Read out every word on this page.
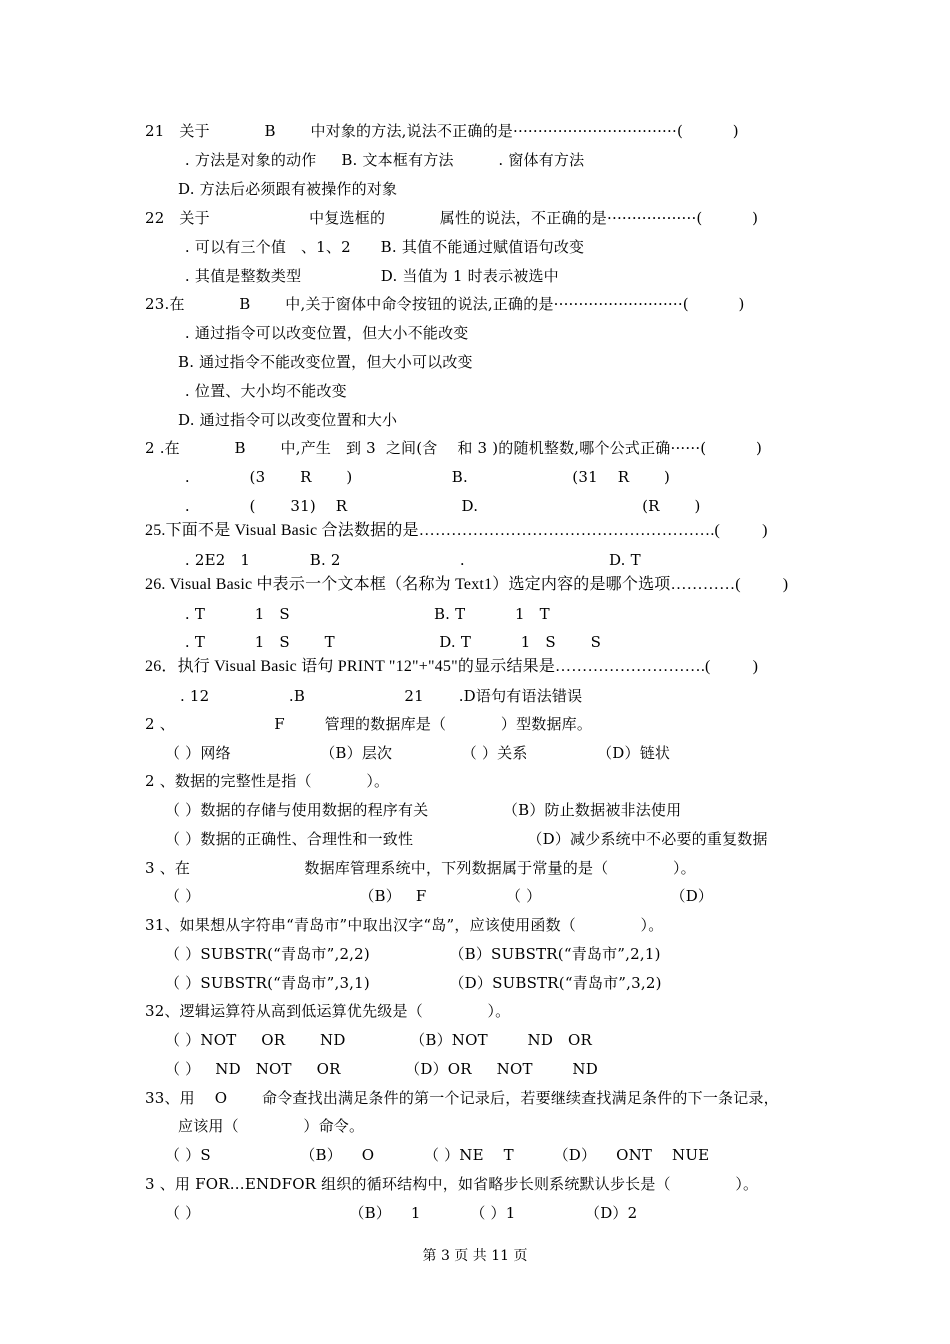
21   关于           B       中对象的方法,说法不正确的是·································(          )
. 方法是对象的动作     B. 文本框有方法         . 窗体有方法
D. 方法后必须跟有被操作的对象
22   关于                    中复选框的           属性的说法，不正确的是··················(          )
. 可以有三个值   、1、2      B. 其值不能通过赋值语句改变
. 其值是整数类型                D. 当值为 1 时表示被选中
23.在           B       中,关于窗体中命令按钮的说法,正确的是··························(          )
. 通过指令可以改变位置，但大小不能改变
B. 通过指令不能改变位置，但大小可以改变
. 位置、大小均不能改变
D. 通过指令可以改变位置和大小
2 .在           B       中,产生   到 3  之间(含    和 3 )的随机整数,哪个公式正确······(          )
.            (3       R       )                    B.                     (31    R       )
.            (       31)    R                       D.                                 (R       )
25.下面不是 Visual Basic 合法数据的是……………………………………………….(          )
. 2E2   1            B. 2                        .                             D. T
26. Visual Basic 中表示一个文本框（名称为 Text1）选定内容的是哪个选项…………(          )
. T          1   S                             B. T          1   T
. T          1   S       T                     D. T          1   S       S
26．执行 Visual Basic 语句 PRINT "12"+"45"的显示结果是……………………….(          )
. 12                .B                    21       .D语句有语法错误
2 、                    F        管理的数据库是（           ）型数据库。
（ ）网络                  （B）层次              （ ）关系              （D）链状
2 、数据的完整性是指（           ）。
（ ）数据的存储与使用数据的程序有关               （B）防止数据被非法使用
（ ）数据的正确性、合理性和一致性                       （D）减少系统中不必要的重复数据
3 、在                       数据库管理系统中，下列数据属于常量的是（             ）。
（ ）                                （B）   F                （ ）                          （D）
31、如果想从字符串“青岛市”中取出汉字“岛”，应该使用函数（             ）。
（ ）SUBSTR(“青岛市”,2,2)                （B）SUBSTR(“青岛市”,2,1)
（ ）SUBSTR(“青岛市”,3,1)                （D）SUBSTR(“青岛市”,3,2)
32、逻辑运算符从高到低运算优先级是（             ）。
（ ）NOT     OR       ND             （B）NOT        ND   OR
（ ）   ND   NOT     OR             （D）OR     NOT        ND
33、用    O       命令查找出满足条件的第一个记录后，若要继续查找满足条件的下一条记录，
应该用（             ）命令。
（ ）S                  （B）    O          （ ）NE    T        （D）    ONT    NUE
3 、用 FOR…ENDFOR 组织的循环结构中，如省略步长则系统默认步长是（             ）。
（ ）                              （B）    1          （ ）1              （D）2
第 3 页 共 11 页
